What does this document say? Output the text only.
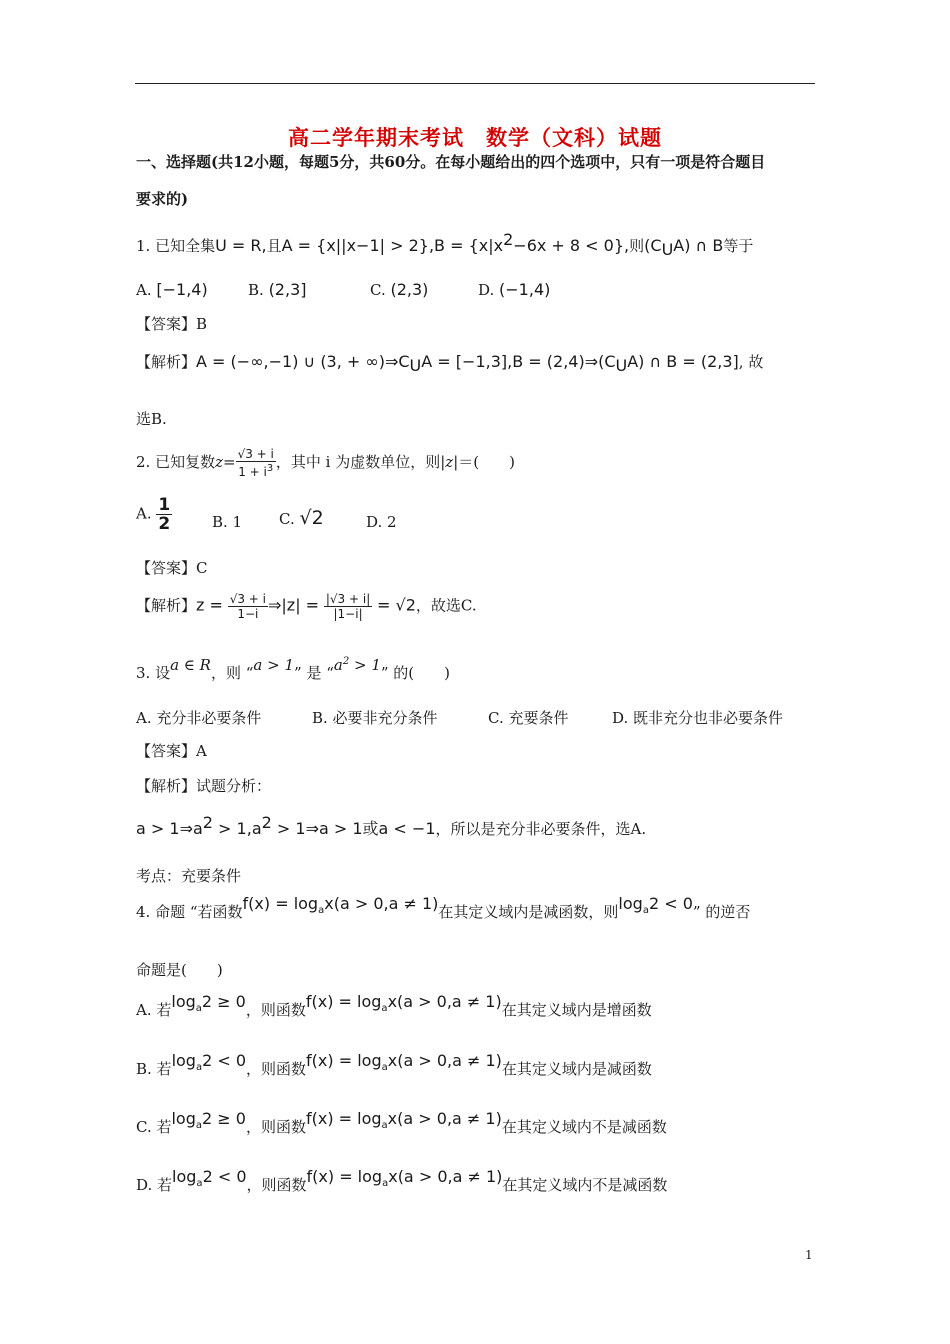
高二学年期末考试　数学（文科）试题
一、选择题(共12小题，每题5分，共60分。在每小题给出的四个选项中，只有一项是符合题目
要求的)
1. 已知全集U = R,且$A = \{x||x-1| > 2\},B = \{x|x^2-6x + 8 < 0\}$,则$(C_UA)$ ∩ B等于
A. [−1,4)	B. (2,3]	C. (2,3)	D. (−1,4)
【答案】B
【解析】A = (−∞,−1) ∪ (3, + $\infty)\Rightarrow C_UA = [-1,3],B$ = $(2,4)\Rightarrow(C_UA)$ ∩ B = (2,3], 故
选B.
2. 已知复数$z= \frac{√3 + i}{1 + i^3}$ ，其中 i 为虚数单位，则|z|＝(　　)
A. $\frac{1}{2}$	B. 1 C. √2	D. 2
【答案】C
【解析】$z = \frac{√3 + i}{1-i}$ ⇒|z| = $\frac{|√3 + i|}{|1-i|} = √2$，故选C.
3. 设a ∈ R，则 “a > 1” 是 “$a^2 > 1$” 的(　　)
A. 充分非必要条件	B. 必要非充分条件	C. 充要条件	D. 既非充分也非必要条件
【答案】A
【解析】试题分析：
$a > 1\Rightarrow a^2 > 1,a^2$ > 1⇒a > 1或a < −1，所以是充分非必要条件，选A.
考点：充要条件
4. 命题 “若函数$f(x) = \log_ax(a > 0,a \ne 1)$在其定义域内是减函数，则$\log_a2 < 0$” 的逆否
命题是(　　)
A. 若$\log_a2 \ge 0$，则函数$f(x) = \log_ax(a > 0,a \ne 1)$在其定义域内是增函数
B. 若$\log_a2 < 0$，则函数$f(x) = \log_ax(a > 0,a \ne 1)$在其定义域内是减函数
C. 若$\log_a2 \ge 0$，则函数$f(x) = \log_ax(a > 0,a \ne 1)$在其定义域内不是减函数
D. 若$\log_a2 < 0$，则函数$f(x) = \log_ax(a > 0,a \ne 1)$在其定义域内不是减函数
1
